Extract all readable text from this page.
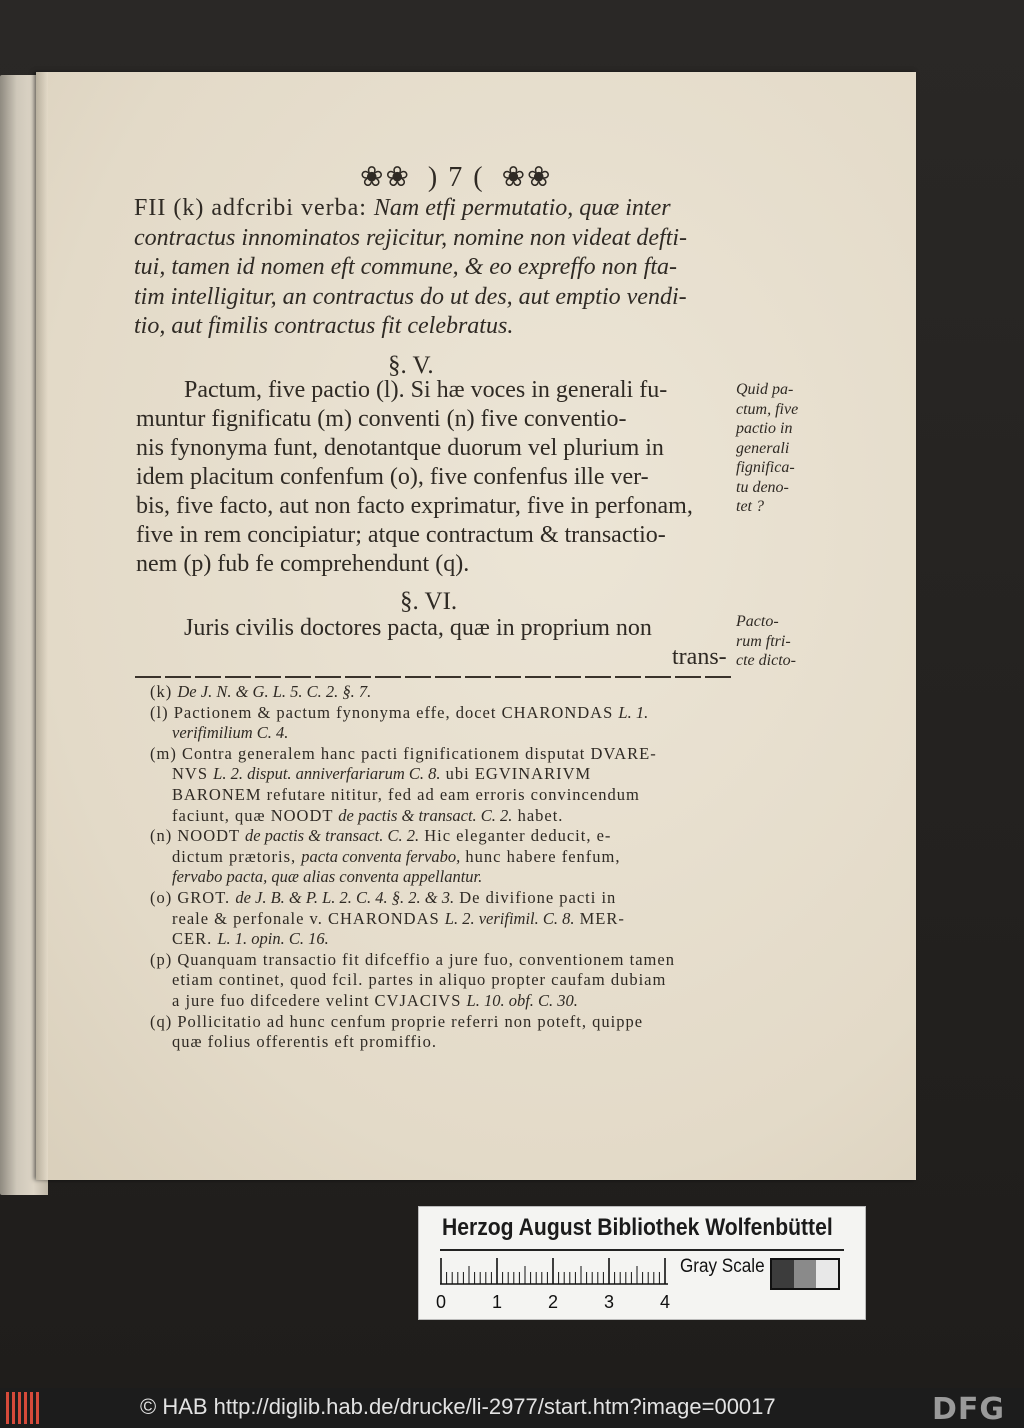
❀❀ ) 7 ( ❀❀
FII (k) adfcribi verba: Nam etfi permutatio, quæ inter
contractus innominatos rejicitur, nomine non videat defti-
tui, tamen id nomen eft commune, & eo expreffo non fta-
tim intelligitur, an contractus do ut des, aut emptio vendi-
tio, aut fimilis contractus fit celebratus.
§. V.
Pactum, five pactio (l). Si hæ voces in generali fu-
muntur fignificatu (m) conventi (n) five conventio-
nis fynonyma funt, denotantque duorum vel plurium in
idem placitum confenfum (o), five confenfus ille ver-
bis, five facto, aut non facto exprimatur, five in perfonam,
five in rem concipiatur; atque contractum & transactio-
nem (p) fub fe comprehendunt (q).
Quid pa-
ctum, five
pactio in
generali
fignifica-
tu deno-
tet ?
§. VI.
Juris civilis doctores pacta, quæ in proprium non
trans-
Pacto-
rum ftri-
cte dicto-
(k) De J. N. & G. L. 5. C. 2. §. 7.
(l) Pactionem & pactum fynonyma effe, docet CHARONDAS L. 1.
verifimilium C. 4.
(m) Contra generalem hanc pacti fignificationem disputat DVARE-
NVS L. 2. disput. anniverfariarum C. 8. ubi EGVINARIVM
BARONEM refutare nititur, fed ad eam erroris convincendum
faciunt, quæ NOODT de pactis & transact. C. 2. habet.
(n) NOODT de pactis & transact. C. 2. Hic eleganter deducit, e-
dictum prætoris, pacta conventa fervabo, hunc habere fenfum,
fervabo pacta, quæ alias conventa appellantur.
(o) GROT. de J. B. & P. L. 2. C. 4. §. 2. & 3. De divifione pacti in
reale & perfonale v. CHARONDAS L. 2. verifimil. C. 8. MER-
CER. L. 1. opin. C. 16.
(p) Quanquam transactio fit difceffio a jure fuo, conventionem tamen
etiam continet, quod fcil. partes in aliquo propter caufam dubiam
a jure fuo difcedere velint CVJACIVS L. 10. obf. C. 30.
(q) Pollicitatio ad hunc cenfum proprie referri non poteft, quippe
quæ folius offerentis eft promiffio.
Herzog August Bibliothek Wolfenbüttel
0	1	2	3	4
Gray Scale
© HAB http://diglib.hab.de/drucke/li-2977/start.htm?image=00017	DFG
